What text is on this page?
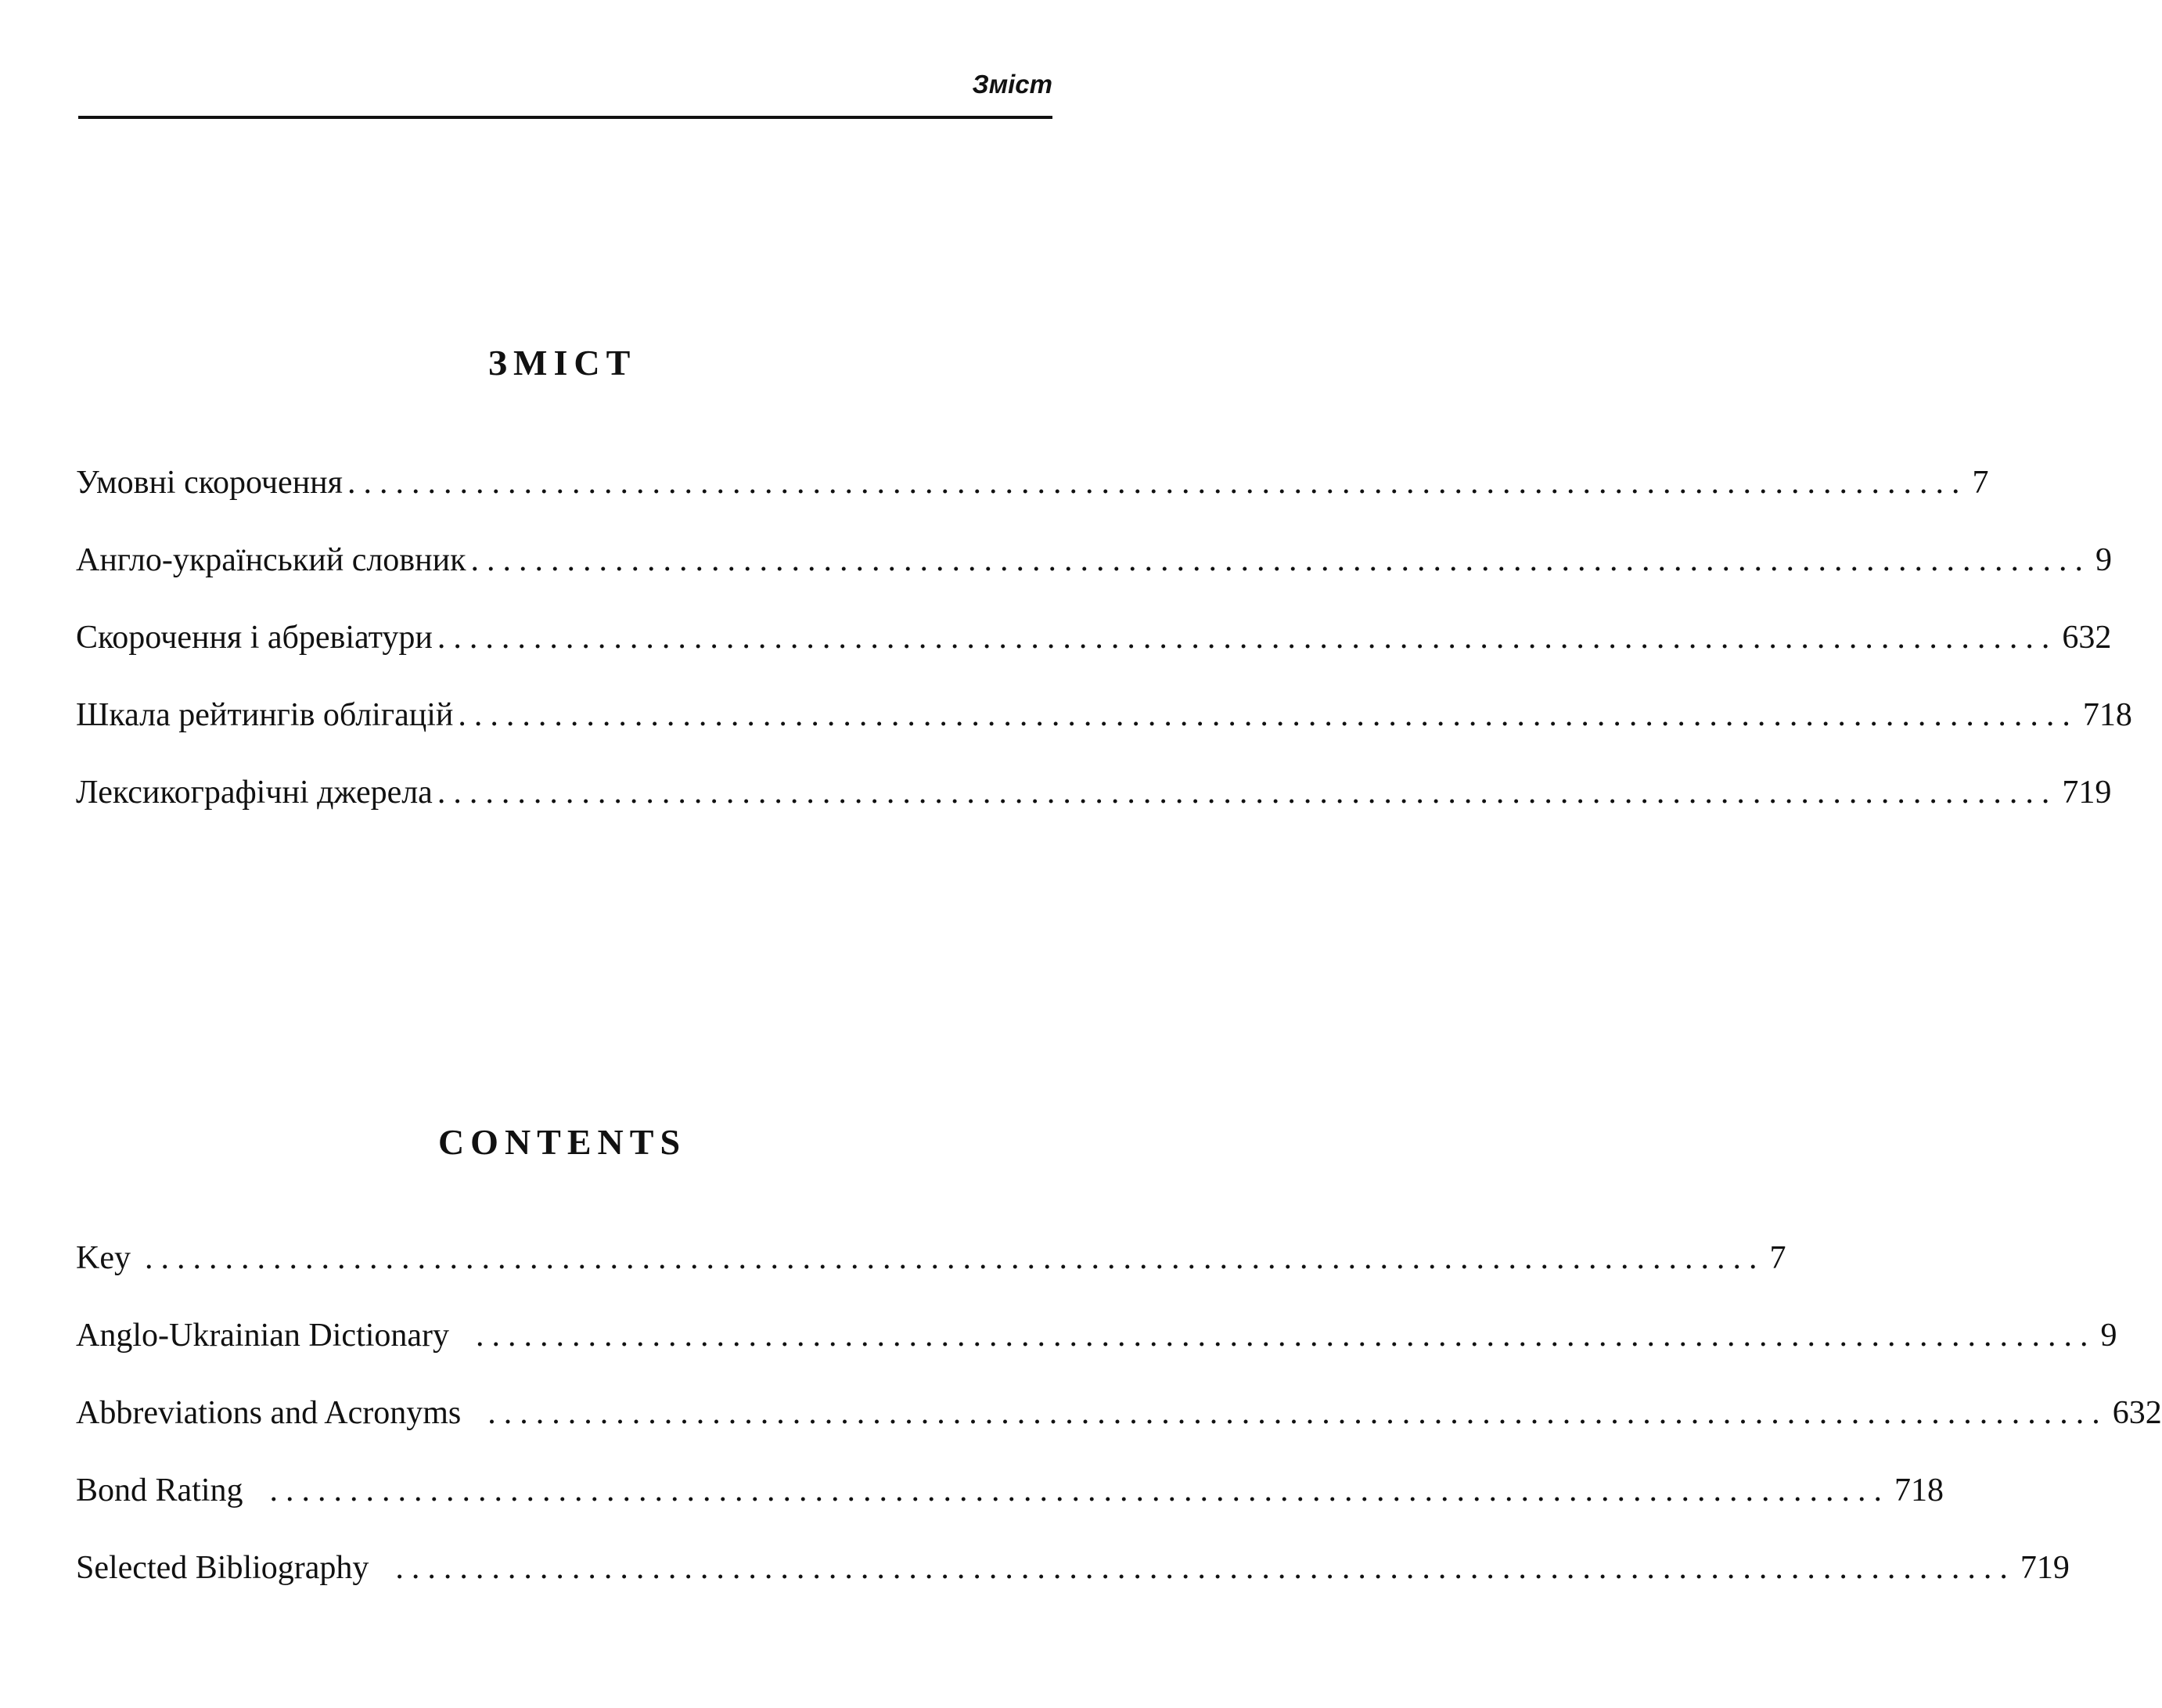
Зміст
ЗМІСТ
Умовні скорочення ..................................................................................................... 7
Англо-український словник ..................................................................................................... 9
Скорочення і абревіатури ..................................................................................................... 632
Шкала рейтингів облігацій ..................................................................................................... 718
Лексикографічні джерела ..................................................................................................... 719
CONTENTS
Key ..................................................................................................... 7
Anglo-Ukrainian Dictionary ..................................................................................................... 9
Abbreviations and Acronyms ..................................................................................................... 632
Bond Rating ..................................................................................................... 718
Selected Bibliography ..................................................................................................... 719
